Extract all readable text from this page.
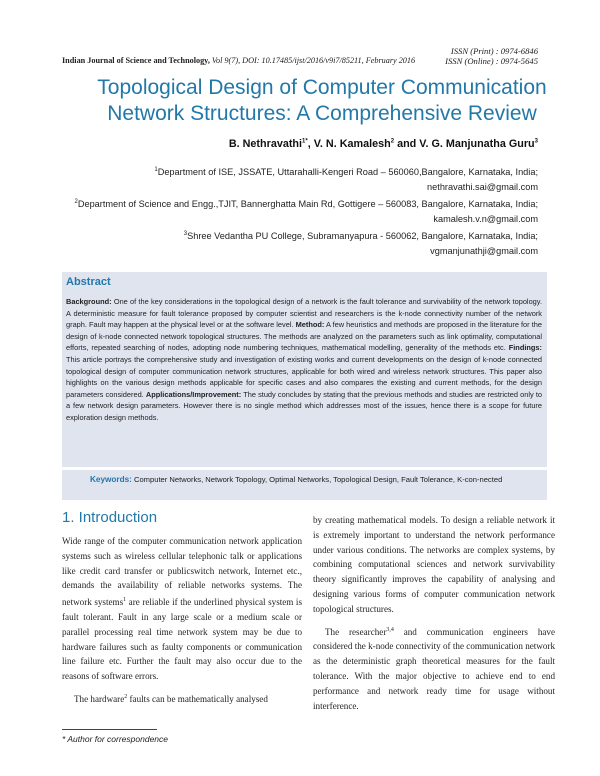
ISSN (Print) : 0974-6846
ISSN (Online) : 0974-5645
Indian Journal of Science and Technology, Vol 9(7), DOI: 10.17485/ijst/2016/v9i7/85211, February 2016
Topological Design of Computer Communication
Network Structures: A Comprehensive Review
B. Nethravathi$^{1*}$, V. N. Kamalesh$^2$ and V. G. Manjunatha Guru$^3$
$^1$Department of ISE, JSSATE, Uttarahalli-Kengeri Road – 560060,Bangalore, Karnataka, India;
nethravathi.sai@gmail.com
$^2$Department of Science and Engg.,TJIT, Bannerghatta Main Rd, Gottigere – 560083, Bangalore, Karnataka, India;
kamalesh.v.n@gmail.com
$^3$Shree Vedantha PU College, Subramanyapura - 560062, Bangalore, Karnataka, India;
vgmanjunathji@gmail.com
Abstract
Background: One of the key considerations in the topological design of a network is the fault tolerance and survivability of the network topology. A deterministic measure for fault tolerance proposed by computer scientist and researchers is the k-node connectivity number of the network graph. Fault may happen at the physical level or at the software level. Method: A few heuristics and methods are proposed in the literature for the design of k-node connected network topological structures. The methods are analyzed on the parameters such as link optimality, computational efforts, repeated searching of nodes, adopting node numbering techniques, mathematical modelling, generality of the methods etc. Findings: This article portrays the comprehensive study and investigation of existing works and current developments on the design of k-node connected topological design of computer communication network structures, applicable for both wired and wireless network structures. This paper also highlights on the various design methods applicable for specific cases and also compares the existing and current methods, for the design parameters considered. Applications/Improvement: The study concludes by stating that the previous methods and studies are restricted only to a few network design parameters. However there is no single method which addresses most of the issues, hence there is a scope for future exploration design methods.
Keywords: Computer Networks, Network Topology, Optimal Networks, Topological Design, Fault Tolerance, K-con-nected
1. Introduction

Wide range of the computer communication network application systems such as wireless cellular telephonic talk or applications like credit card transfer or publicswitch network, Internet etc., demands the availability of reliable networks systems. The network systems$^1$ are reliable if the underlined physical system is fault tolerant. Fault in any large scale or a medium scale or parallel processing real time network system may be due to hardware failures such as faulty components or communication line failure etc. Further the fault may also occur due to the reasons of software errors.

The hardware$^2$ faults can be mathematically analysed

by creating mathematical models. To design a reliable network it is extremely important to understand the network performance under various conditions. The networks are complex systems, by combining computational sciences and network survivability theory significantly improves the capability of analysing and designing various forms of computer communication network topological structures.

The researcher$^{3,4}$ and communication engineers have considered the k-node connectivity of the communication network as the deterministic graph theoretical measures for the fault tolerance. With the major objective to achieve end to end performance and network ready time for usage without interference.

* Author for correspondence
